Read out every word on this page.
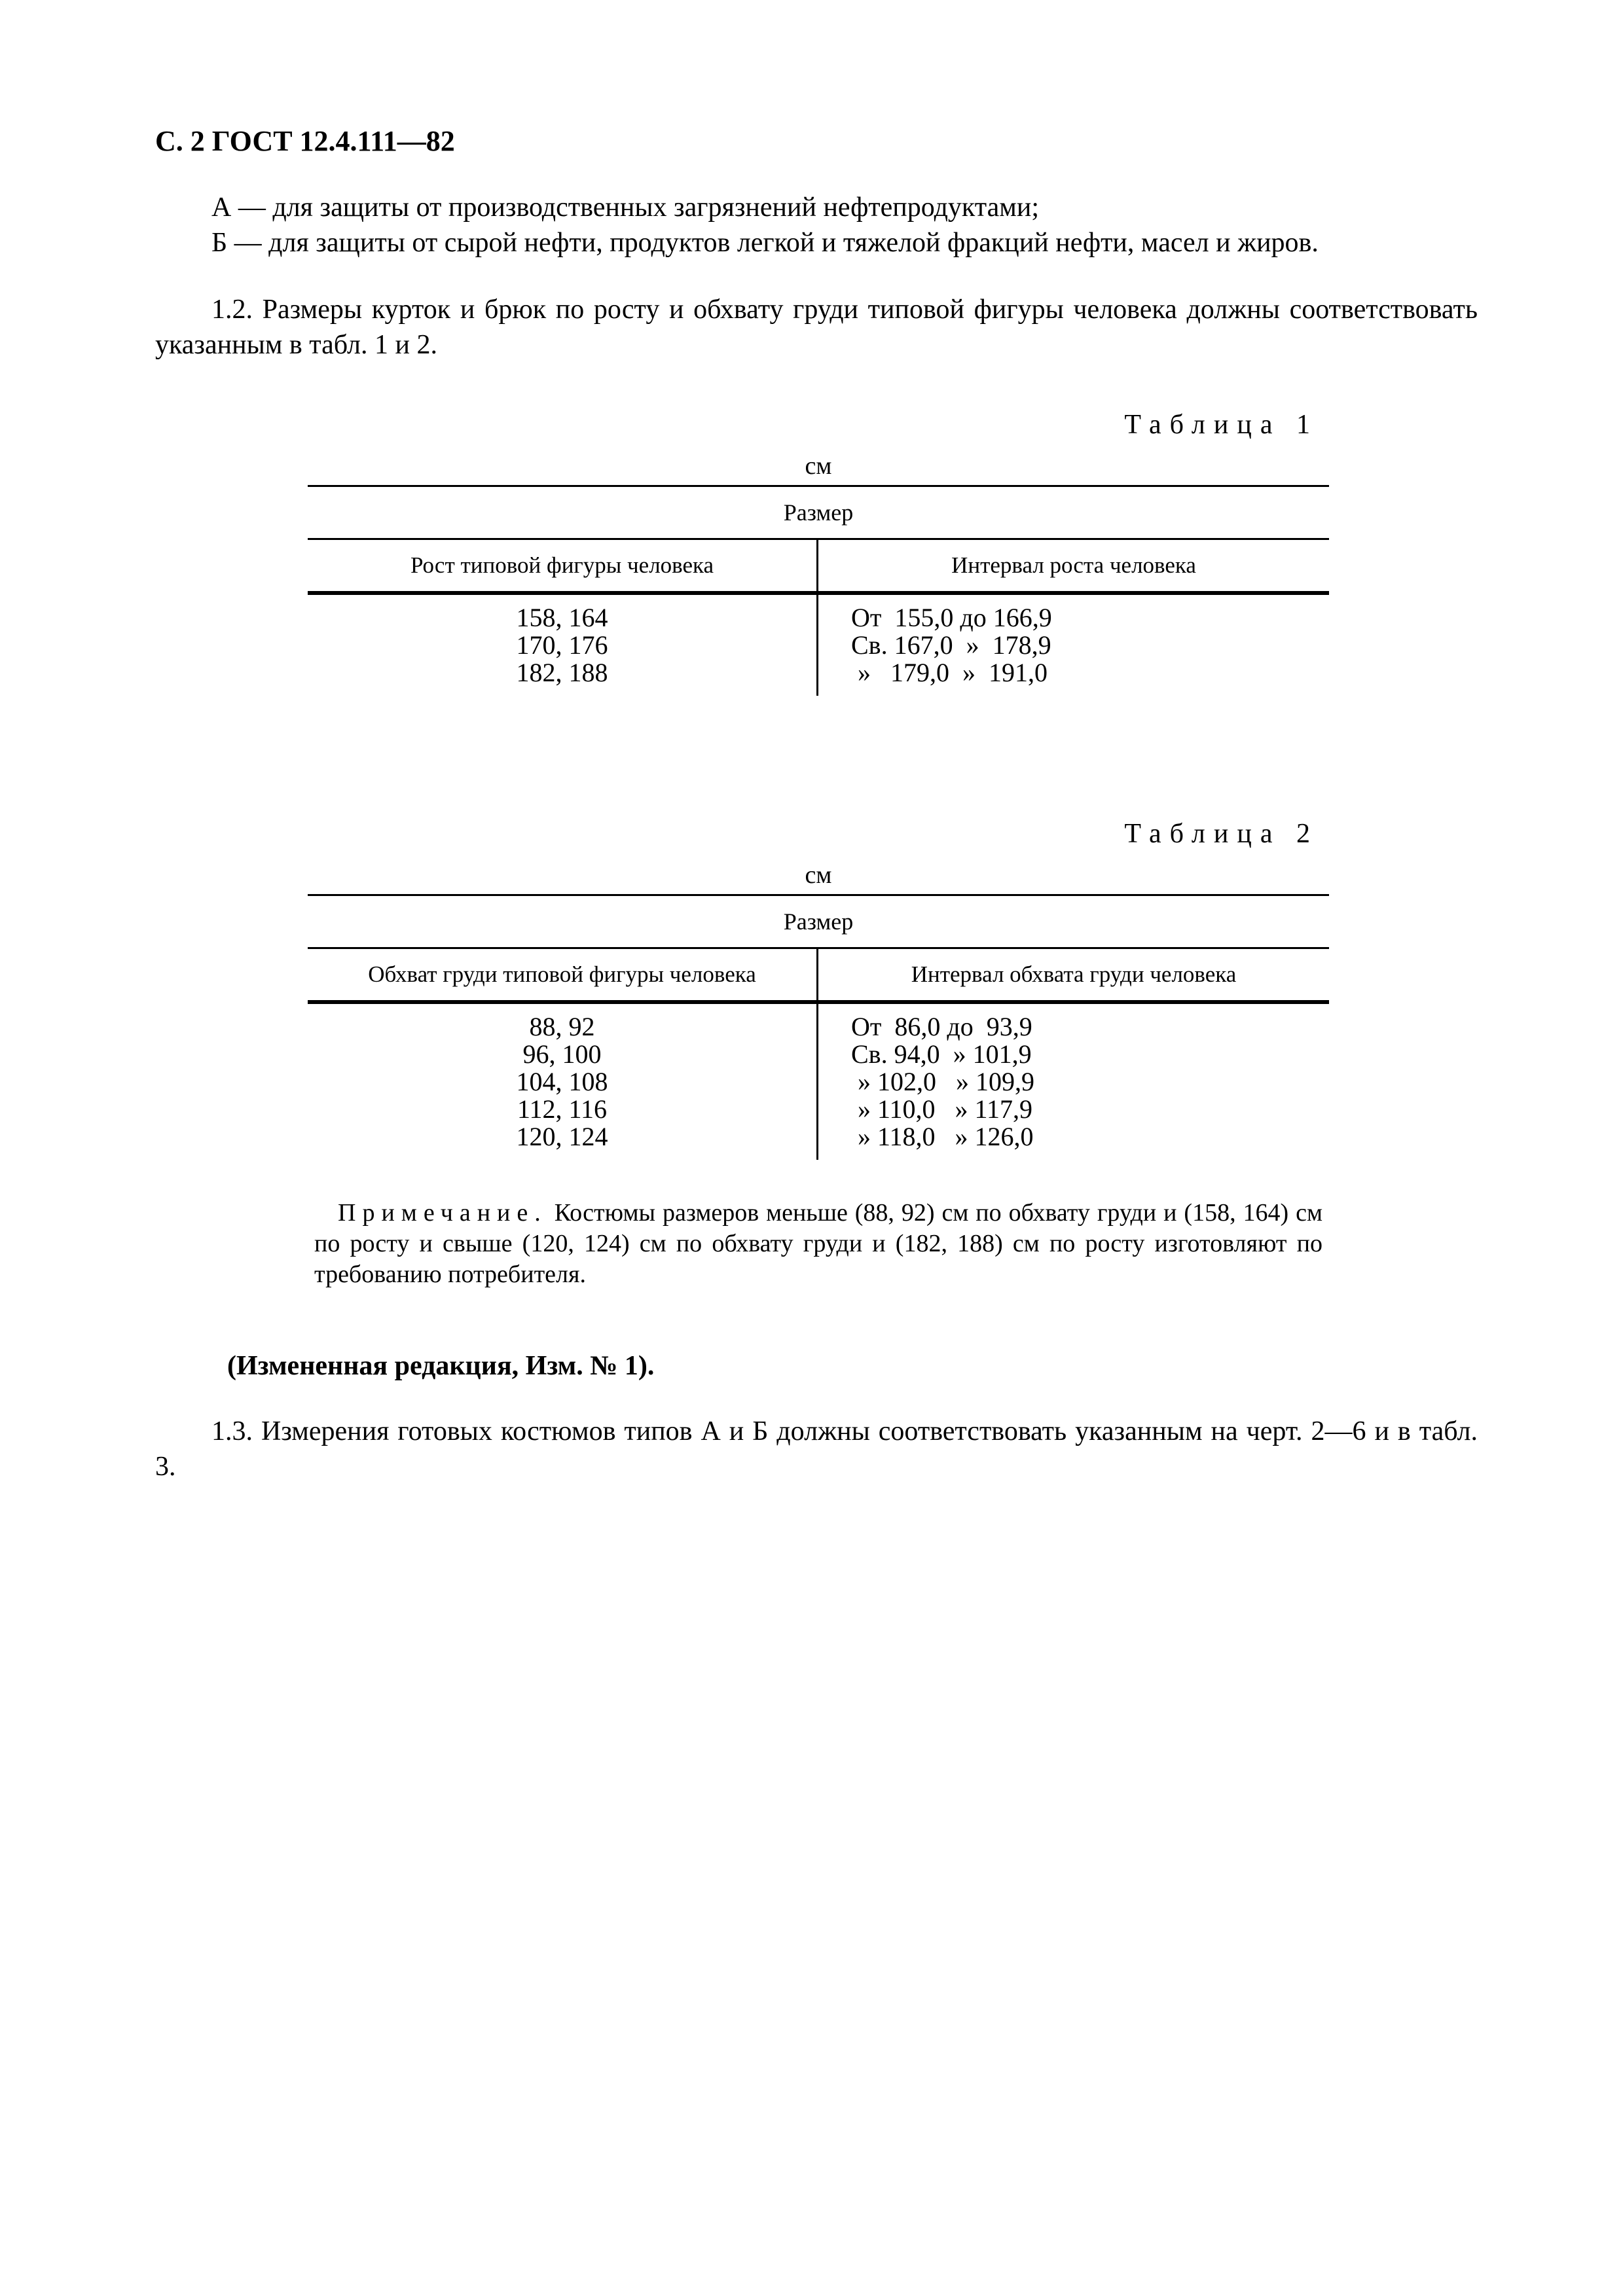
С. 2 ГОСТ 12.4.111—82
А — для защиты от производственных загрязнений нефтепродуктами;
Б — для защиты от сырой нефти, продуктов легкой и тяжелой фракций нефти, масел и жиров.
1.2. Размеры курток и брюк по росту и обхвату груди типовой фигуры человека должны соответствовать указанным в табл. 1 и 2.
Таблица 1
см
Размер
Рост типовой фигуры человека	Интервал роста человека
158, 164
170, 176
182, 188
От  155,0 до 166,9
Св. 167,0  »  178,9
»   179,0  »  191,0
Таблица 2
см
Размер
Обхват груди типовой фигуры человека	Интервал обхвата груди человека
88, 92
96, 100
104, 108
112, 116
120, 124
От  86,0 до  93,9
Св. 94,0  » 101,9
» 102,0   » 109,9
» 110,0   » 117,9
» 118,0   » 126,0
Примечание. Костюмы размеров меньше (88, 92) см по обхвату груди и (158, 164) см по росту и свыше (120, 124) см по обхвату груди и (182, 188) см по росту изготовляют по требованию потребителя.
(Измененная редакция, Изм. № 1).
1.3. Измерения готовых костюмов типов А и Б должны соответствовать указанным на черт. 2—6 и в табл. 3.
